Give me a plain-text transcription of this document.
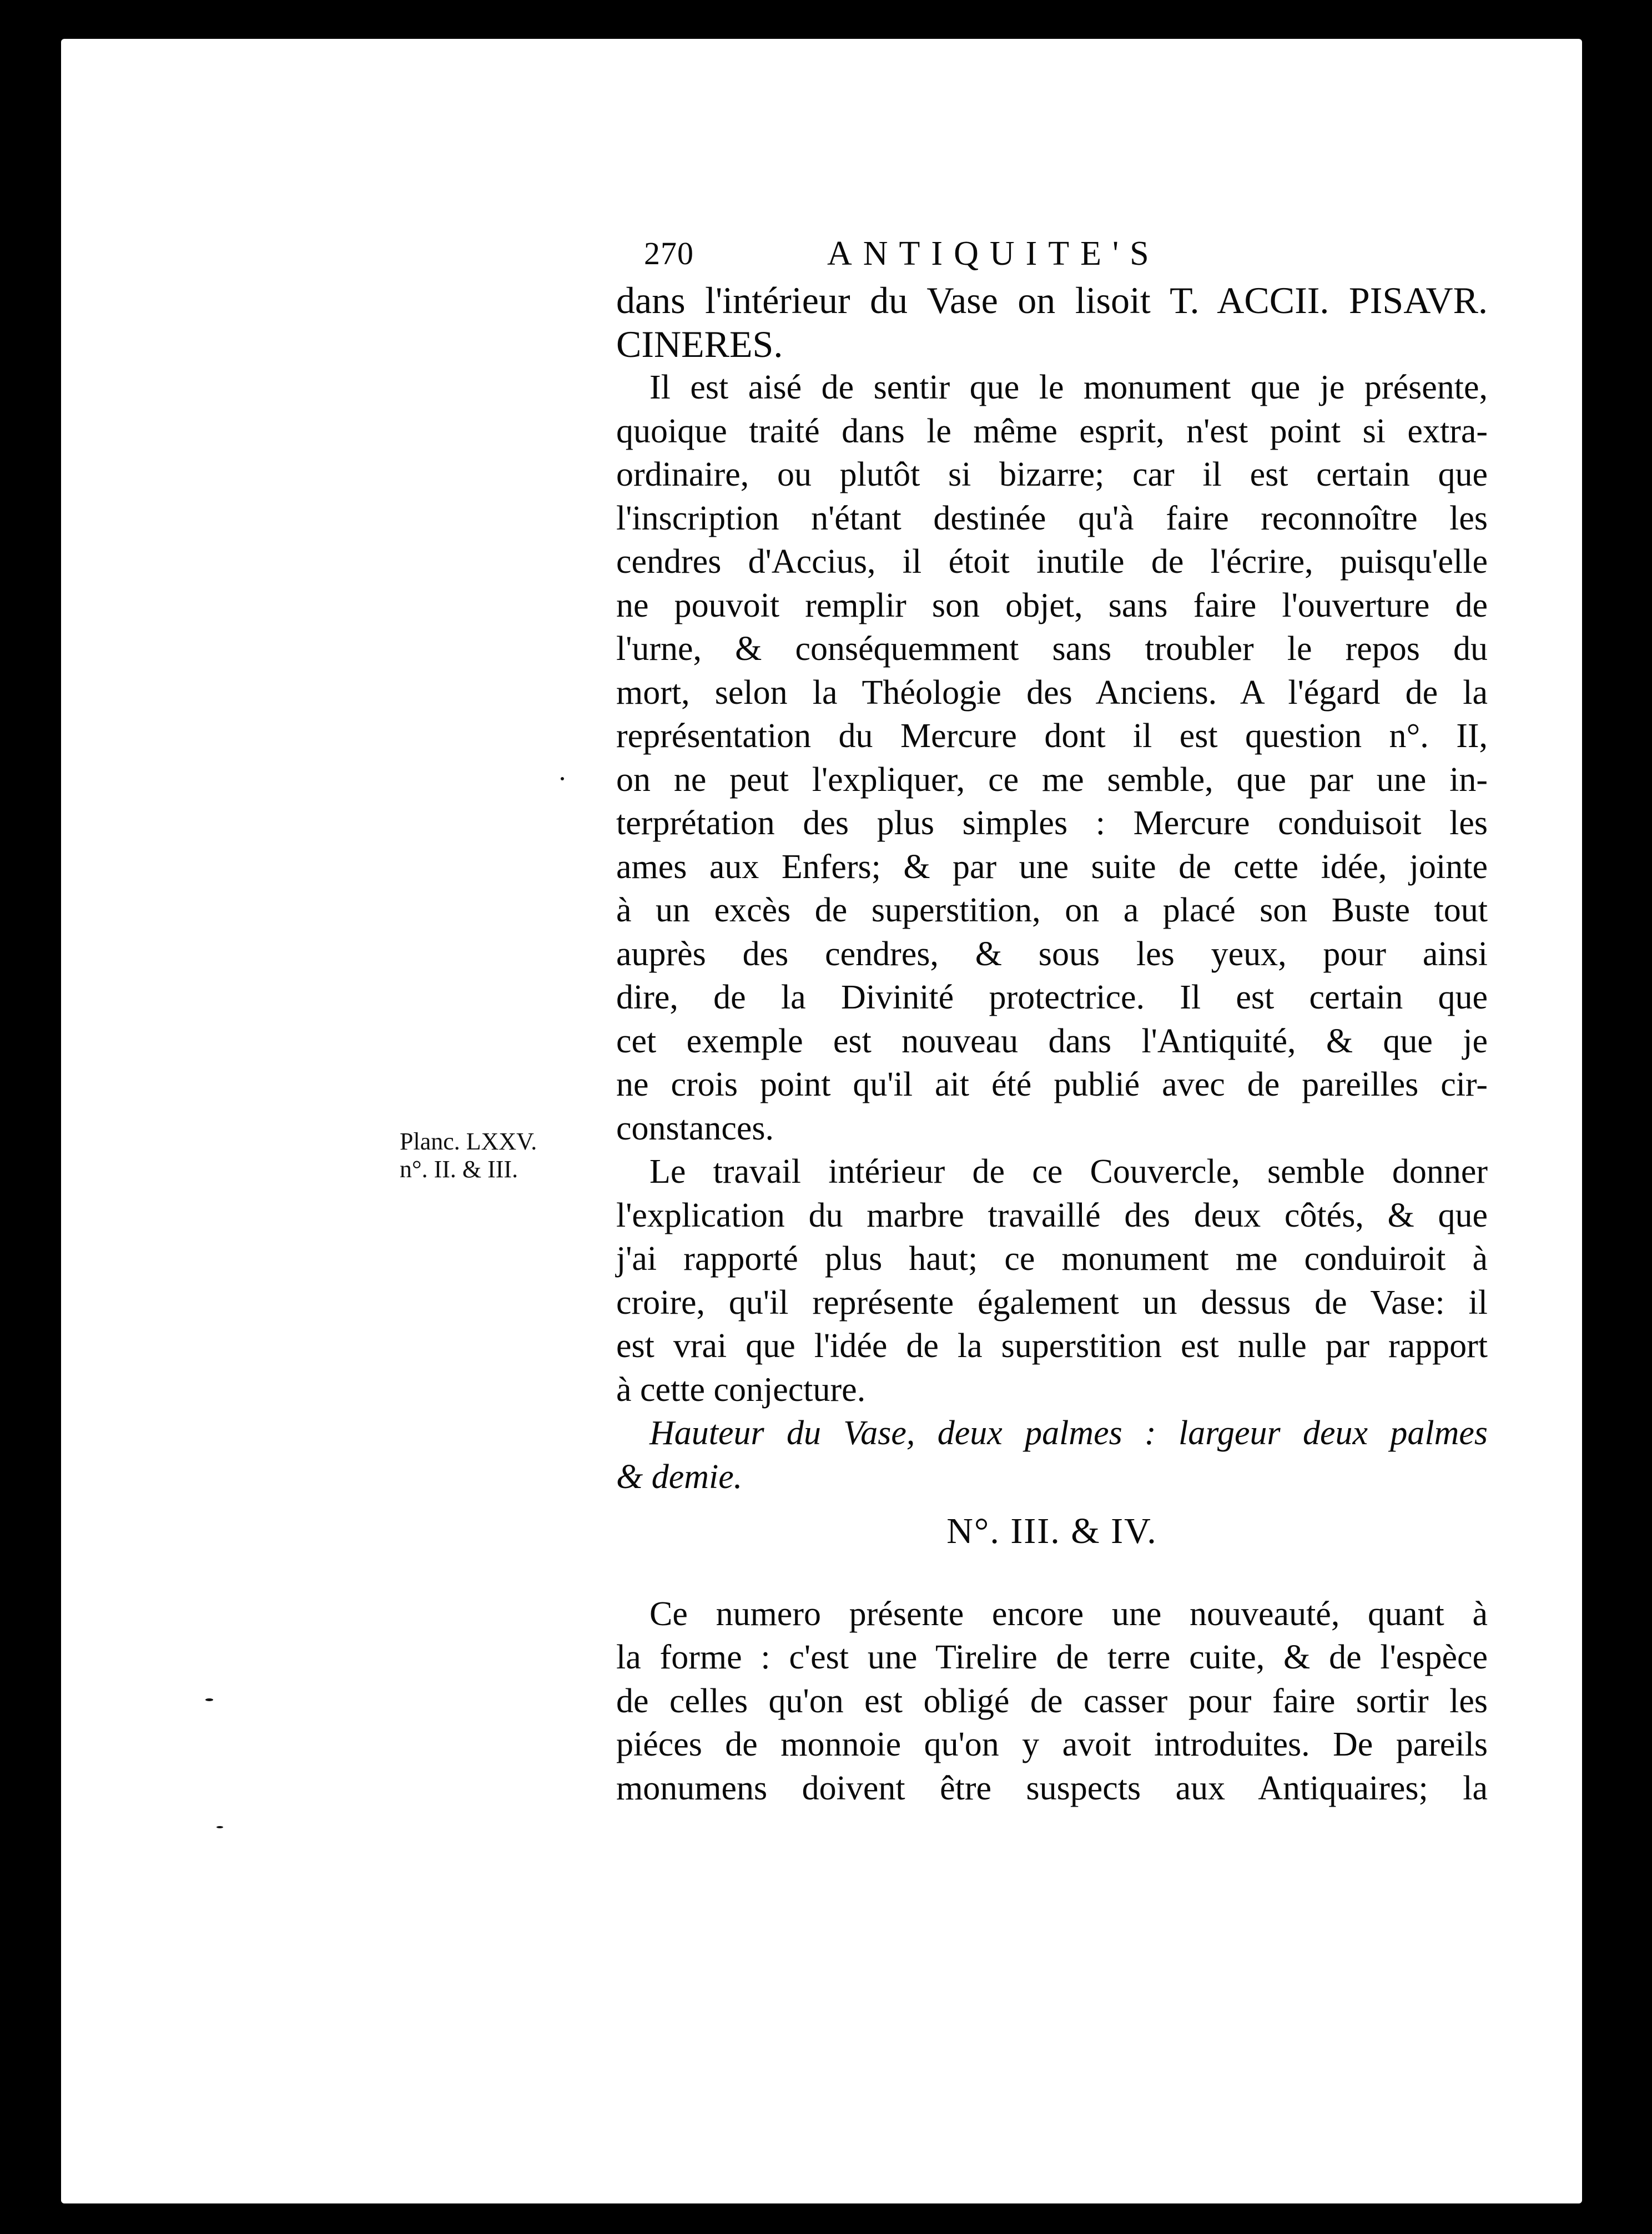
Planc. LXXV.
n°. II. & III.
270	ANTIQUITE'S
dans l'intérieur du Vase on lisoit T. ACCII. PISAVR.
CINERES.
Il est aisé de sentir que le monument que je présente,
quoique traité dans le même esprit, n'est point si extra-
ordinaire, ou plutôt si bizarre; car il est certain que
l'inscription n'étant destinée qu'à faire reconnoître les
cendres d'Accius, il étoit inutile de l'écrire, puisqu'elle
ne pouvoit remplir son objet, sans faire l'ouverture de
l'urne, & conséquemment sans troubler le repos du
mort, selon la Théologie des Anciens. A l'égard de la
représentation du Mercure dont il est question n°. II,
on ne peut l'expliquer, ce me semble, que par une in-
terprétation des plus simples : Mercure conduisoit les
ames aux Enfers; & par une suite de cette idée, jointe
à un excès de superstition, on a placé son Buste tout
auprès des cendres, & sous les yeux, pour ainsi
dire, de la Divinité protectrice. Il est certain que
cet exemple est nouveau dans l'Antiquité, & que je
ne crois point qu'il ait été publié avec de pareilles cir-
constances.
Le travail intérieur de ce Couvercle, semble donner
l'explication du marbre travaillé des deux côtés, & que
j'ai rapporté plus haut; ce monument me conduiroit à
croire, qu'il représente également un dessus de Vase: il
est vrai que l'idée de la superstition est nulle par rapport
à cette conjecture.
Hauteur du Vase, deux palmes : largeur deux palmes
& demie.
N°. III. & IV.
Ce numero présente encore une nouveauté, quant à
la forme : c'est une Tirelire de terre cuite, & de l'espèce
de celles qu'on est obligé de casser pour faire sortir les
piéces de monnoie qu'on y avoit introduites. De pareils
monumens doivent être suspects aux Antiquaires; la
